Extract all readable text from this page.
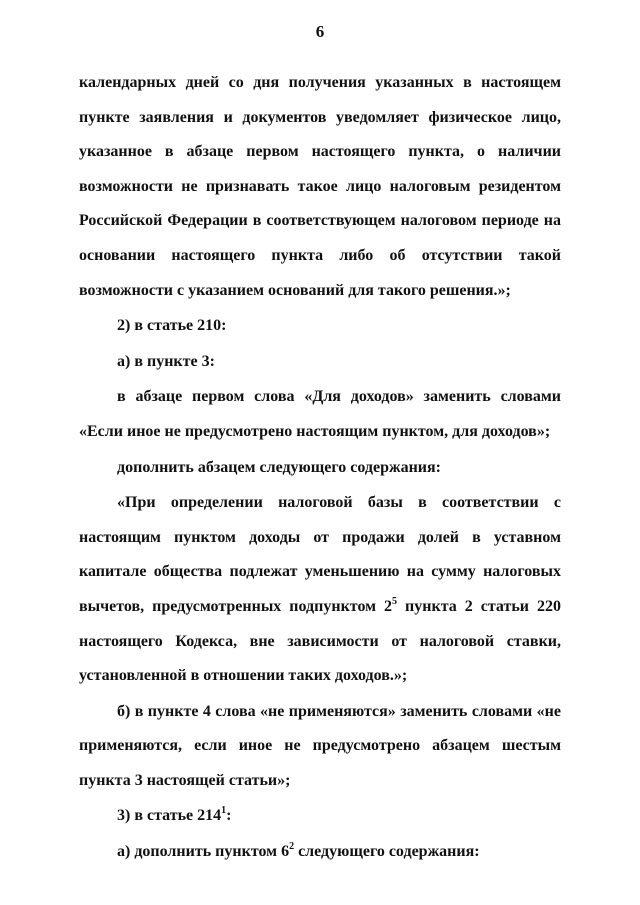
6

календарных дней со дня получения указанных в настоящем пункте заявления и документов уведомляет физическое лицо, указанное в абзаце первом настоящего пункта, о наличии возможности не признавать такое лицо налоговым резидентом Российской Федерации в соответствующем налоговом периоде на основании настоящего пункта либо об отсутствии такой возможности с указанием оснований для такого решения.»;

2) в статье 210:

а) в пункте 3:

в абзаце первом слова «Для доходов» заменить словами «Если иное не предусмотрено настоящим пунктом, для доходов»;

дополнить абзацем следующего содержания:

«При определении налоговой базы в соответствии с настоящим пунктом доходы от продажи долей в уставном капитале общества подлежат уменьшению на сумму налоговых вычетов, предусмотренных подпунктом $2^5$ пункта 2 статьи 220 настоящего Кодекса, вне зависимости от налоговой ставки, установленной в отношении таких доходов.»;

б) в пункте 4 слова «не применяются» заменить словами «не применяются, если иное не предусмотрено абзацем шестым пункта 3 настоящей статьи»;

3) в статье $214^1$:

а) дополнить пунктом $6^2$ следующего содержания:
